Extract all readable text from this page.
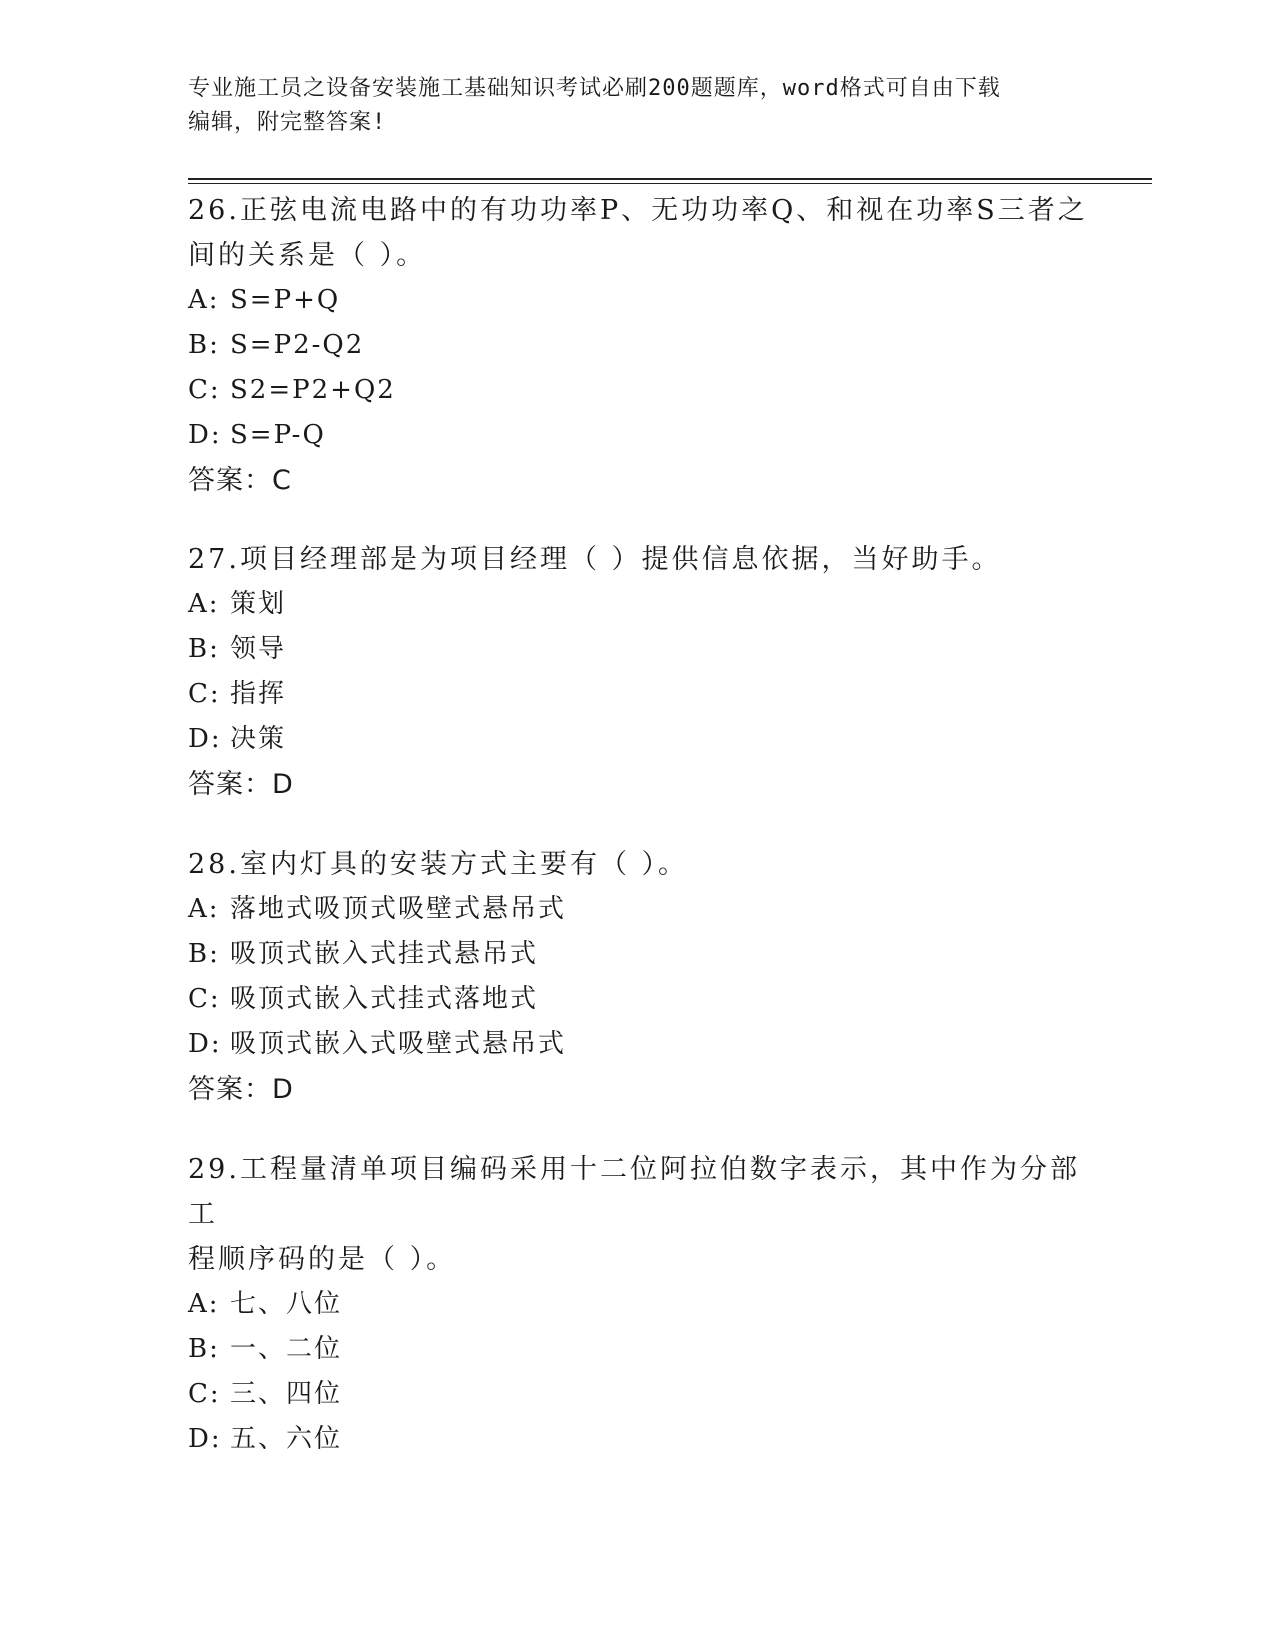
专业施工员之设备安装施工基础知识考试必刷200题题库，word格式可自由下载
编辑，附完整答案!

26.正弦电流电路中的有功功率P、无功功率Q、和视在功率S三者之

间的关系是（ ）。

A: S=P+Q

B: S=P2-Q2

C: S2=P2+Q2

D: S=P-Q

答案：C

27.项目经理部是为项目经理（ ）提供信息依据，当好助手。

A: 策划

B: 领导

C: 指挥

D: 决策

答案：D

28.室内灯具的安装方式主要有（ ）。

A: 落地式吸顶式吸壁式悬吊式

B: 吸顶式嵌入式挂式悬吊式

C: 吸顶式嵌入式挂式落地式

D: 吸顶式嵌入式吸壁式悬吊式

答案：D

29.工程量清单项目编码采用十二位阿拉伯数字表示，其中作为分部工

程顺序码的是（ ）。

A: 七、八位

B: 一、二位

C: 三、四位

D: 五、六位
